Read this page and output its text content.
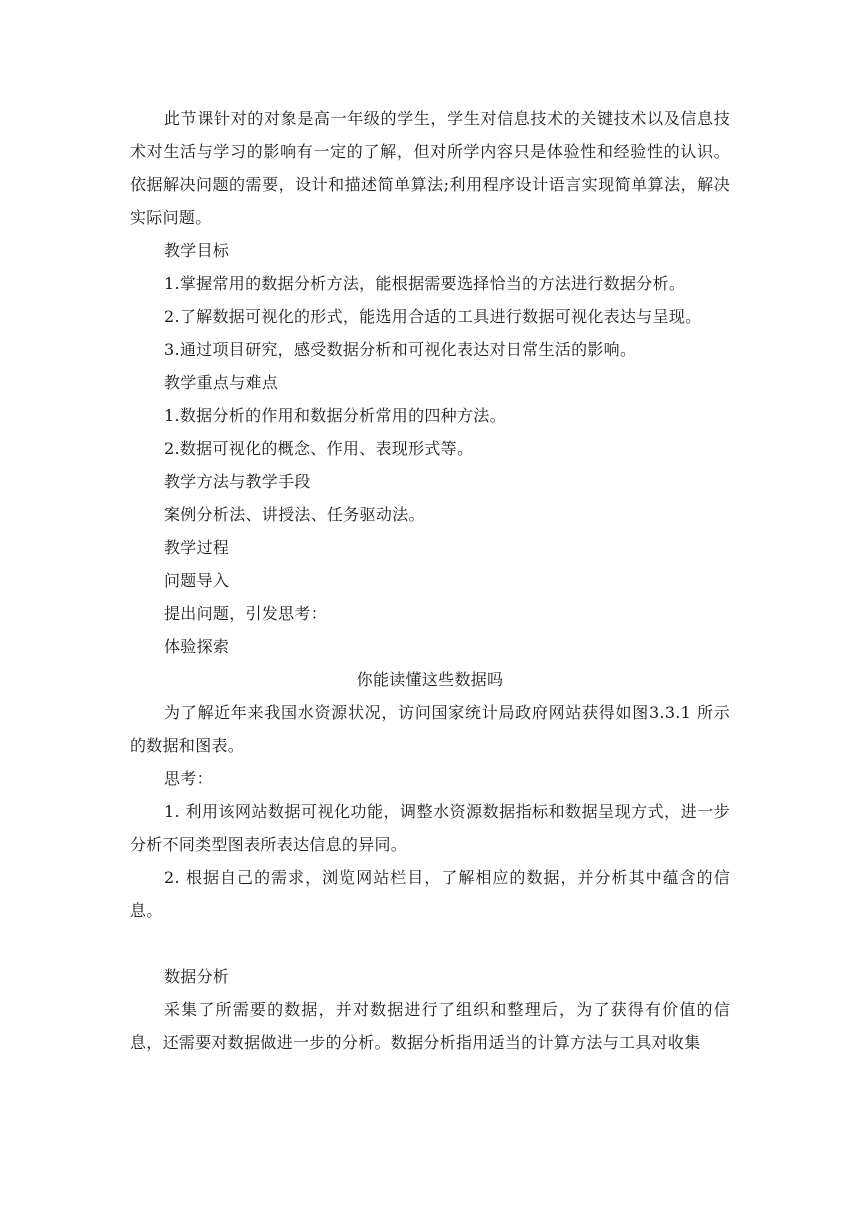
此节课针对的对象是高一年级的学生，学生对信息技术的关键技术以及信息技术对生活与学习的影响有一定的了解，但对所学内容只是体验性和经验性的认识。依据解决问题的需要，设计和描述简单算法;利用程序设计语言实现简单算法，解决实际问题。

教学目标

1.掌握常用的数据分析方法，能根据需要选择恰当的方法进行数据分析。

2.了解数据可视化的形式，能选用合适的工具进行数据可视化表达与呈现。

3.通过项目研究，感受数据分析和可视化表达对日常生活的影响。

教学重点与难点

1.数据分析的作用和数据分析常用的四种方法。

2.数据可视化的概念、作用、表现形式等。

教学方法与教学手段

案例分析法、讲授法、任务驱动法。

教学过程

问题导入

提出问题，引发思考：

体验探索

你能读懂这些数据吗

为了解近年来我国水资源状况，访问国家统计局政府网站获得如图3.3.1 所示的数据和图表。

思考：

1. 利用该网站数据可视化功能，调整水资源数据指标和数据呈现方式，进一步分析不同类型图表所表达信息的异同。

2. 根据自己的需求，浏览网站栏目，了解相应的数据，并分析其中蕴含的信息。

数据分析

采集了所需要的数据，并对数据进行了组织和整理后，为了获得有价值的信息，还需要对数据做进一步的分析。数据分析指用适当的计算方法与工具对收集
